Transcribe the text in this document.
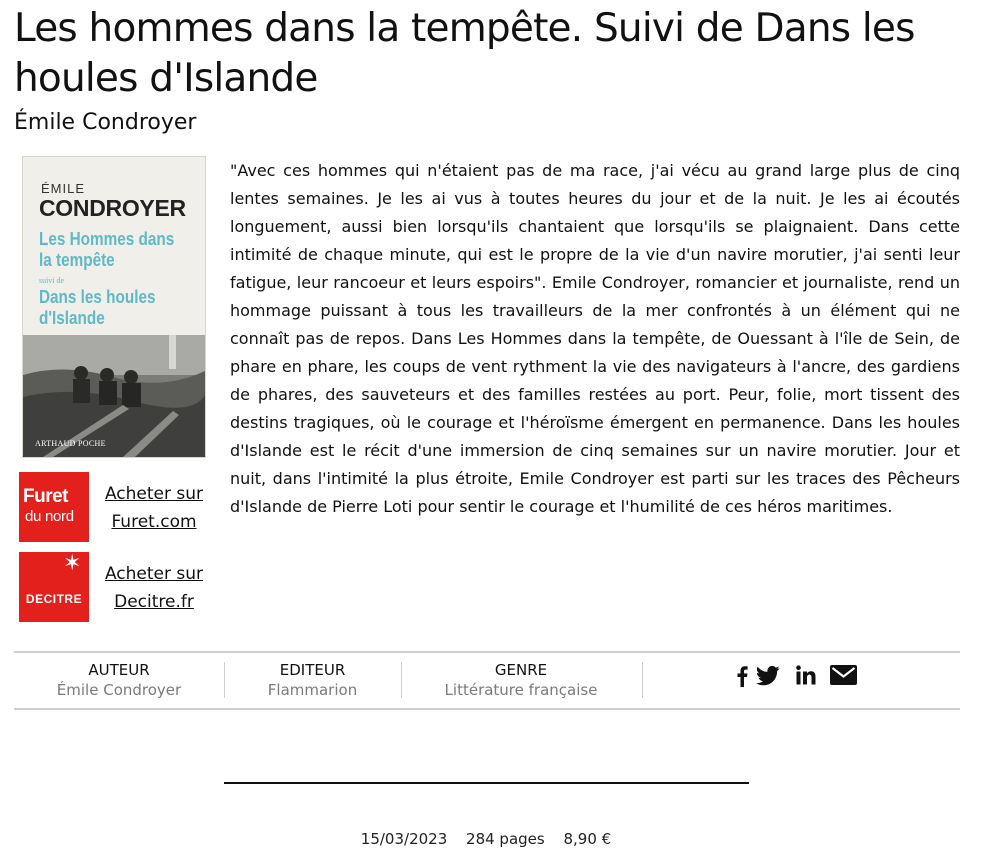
Les hommes dans la tempête. Suivi de Dans les houles d'Islande
Émile Condroyer
ÉMILE
CONDROYER
Les Hommes dans la tempête
suivi de
Dans les houles d'Islande
ARTHAUD POCHE
Furet
du nord
Acheter sur
Furet.com
✶
DECITRE
Acheter sur
Decitre.fr

"Avec ces hommes qui n'étaient pas de ma race, j'ai vécu au grand large plus de cinq lentes semaines. Je les ai vus à toutes heures du jour et de la nuit. Je les ai écoutés longuement, aussi bien lorsqu'ils chantaient que lorsqu'ils se plaignaient. Dans cette intimité de chaque minute, qui est le propre de la vie d'un navire morutier, j'ai senti leur fatigue, leur rancoeur et leurs espoirs". Emile Condroyer, romancier et journaliste, rend un hommage puissant à tous les travailleurs de la mer confrontés à un élément qui ne connaît pas de repos. Dans Les Hommes dans la tempête, de Ouessant à l'île de Sein, de phare en phare, les coups de vent rythment la vie des navigateurs à l'ancre, des gardiens de phares, des sauveteurs et des familles restées au port. Peur, folie, mort tissent des destins tragiques, où le courage et l'héroïsme émergent en permanence. Dans les houles d'Islande est le récit d'une immersion de cinq semaines sur un navire morutier. Jour et nuit, dans l'intimité la plus étroite, Emile Condroyer est parti sur les traces des Pêcheurs d'Islande de Pierre Loti pour sentir le courage et l'humilité de ces héros maritimes.

AUTEUR
Émile Condroyer
EDITEUR
Flammarion
GENRE
Littérature française
15/03/2023 284 pages 8,90 €
